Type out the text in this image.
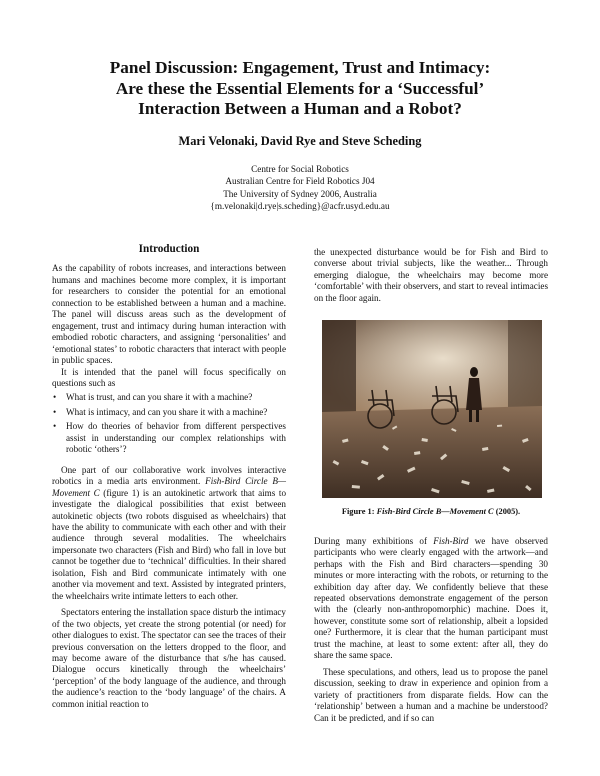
Panel Discussion: Engagement, Trust and Intimacy:
Are these the Essential Elements for a ‘Successful’
Interaction Between a Human and a Robot?
Mari Velonaki, David Rye and Steve Scheding
Centre for Social Robotics
Australian Centre for Field Robotics J04
The University of Sydney 2006, Australia
{m.velonaki|d.rye|s.scheding}@acfr.usyd.edu.au
Introduction

As the capability of robots increases, and interactions between humans and machines become more complex, it is important for researchers to consider the potential for an emotional connection to be established between a human and a machine. The panel will discuss areas such as the development of engagement, trust and intimacy during human interaction with embodied robotic characters, and assigning ‘personalities’ and ‘emotional states’ to robotic characters that interact with people in public spaces.

It is intended that the panel will focus specifically on questions such as

• What is trust, and can you share it with a machine?
• What is intimacy, and can you share it with a machine?
• How do theories of behavior from different perspectives assist in understanding our complex relationships with robotic ‘others’?

One part of our collaborative work involves interactive robotics in a media arts environment. Fish-Bird Circle B—Movement C (figure 1) is an autokinetic artwork that aims to investigate the dialogical possibilities that exist between autokinetic objects (two robots disguised as wheelchairs) that have the ability to communicate with each other and with their audience through several modalities. The wheelchairs impersonate two characters (Fish and Bird) who fall in love but cannot be together due to ‘technical’ difficulties. In their shared isolation, Fish and Bird communicate intimately with one another via movement and text. Assisted by integrated printers, the wheelchairs write intimate letters to each other.

Spectators entering the installation space disturb the intimacy of the two objects, yet create the strong potential (or need) for other dialogues to exist. The spectator can see the traces of their previous conversation on the letters dropped to the floor, and may become aware of the disturbance that s/he has caused. Dialogue occurs kinetically through the wheelchairs’ ‘perception’ of the body language of the audience, and through the audience’s reaction to the ‘body language’ of the chairs. A common initial reaction to

the unexpected disturbance would be for Fish and Bird to converse about trivial subjects, like the weather... Through emerging dialogue, the wheelchairs may become more ‘comfortable’ with their observers, and start to reveal intimacies on the floor again.

Figure 1: Fish-Bird Circle B—Movement C (2005).

During many exhibitions of Fish-Bird we have observed participants who were clearly engaged with the artwork—and perhaps with the Fish and Bird characters—spending 30 minutes or more interacting with the robots, or returning to the exhibition day after day. We confidently believe that these repeated observations demonstrate engagement of the person with the (clearly non-anthropomorphic) machine. Does it, however, constitute some sort of relationship, albeit a lopsided one? Furthermore, it is clear that the human participant must trust the machine, at least to some extent: after all, they do share the same space.

These speculations, and others, lead us to propose the panel discussion, seeking to draw in experience and opinion from a variety of practitioners from disparate fields. How can the ‘relationship’ between a human and a machine be understood? Can it be predicted, and if so can
